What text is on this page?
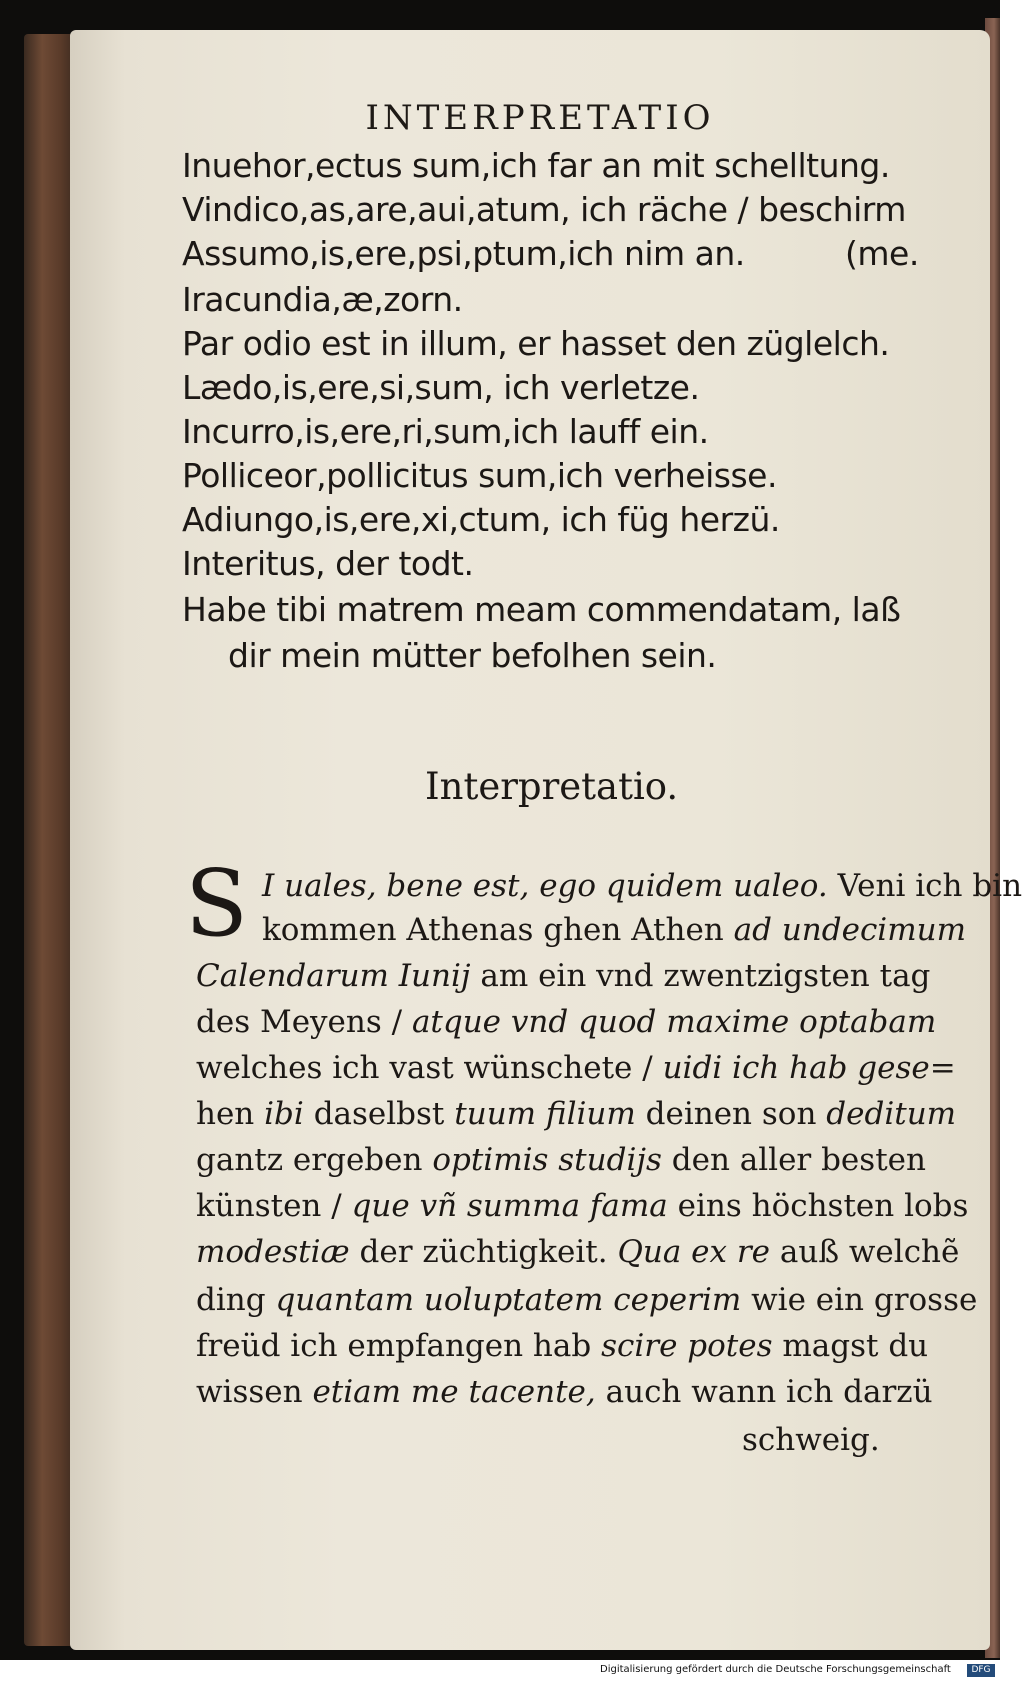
INTERPRETATIO
Inuehor,ectus sum,ich far an mit schelltung.
Vindico,as,are,aui,atum, ich räche / beschirm
Assumo,is,ere,psi,ptum,ich nim an.	(me.
Iracundia,æ,zorn.
Par odio est in illum, er hasset den züglelch.
Lædo,is,ere,si,sum, ich verletze.
Incurro,is,ere,ri,sum,ich lauff ein.
Polliceor,pollicitus sum,ich verheisse.
Adiungo,is,ere,xi,ctum, ich füg herzü.
Interitus, der todt.
Habe tibi matrem meam commendatam, laß
dir mein mütter befolhen sein.
Interpretatio.
S I uales, bene est, ego quidem ualeo. Veni ich bin
kommen Athenas ghen Athen ad undecimum
Calendarum Iunij am ein vnd zwentzigsten tag
des Meyens / atque vnd quod maxime optabam
welches ich vast wünschete / uidi ich hab gese=
hen ibi daselbst tuum filium deinen son deditum
gantz ergeben optimis studijs den aller besten
künsten / que vñ summa fama eins höchsten lobs
modestiæ der züchtigkeit. Qua ex re auß welchẽ
ding quantam uoluptatem ceperim wie ein grosse
freüd ich empfangen hab scire potes magst du
wissen etiam me tacente, auch wann ich darzü
schweig.
Digitalisierung gefördert durch die Deutsche Forschungsgemeinschaft	DFG
